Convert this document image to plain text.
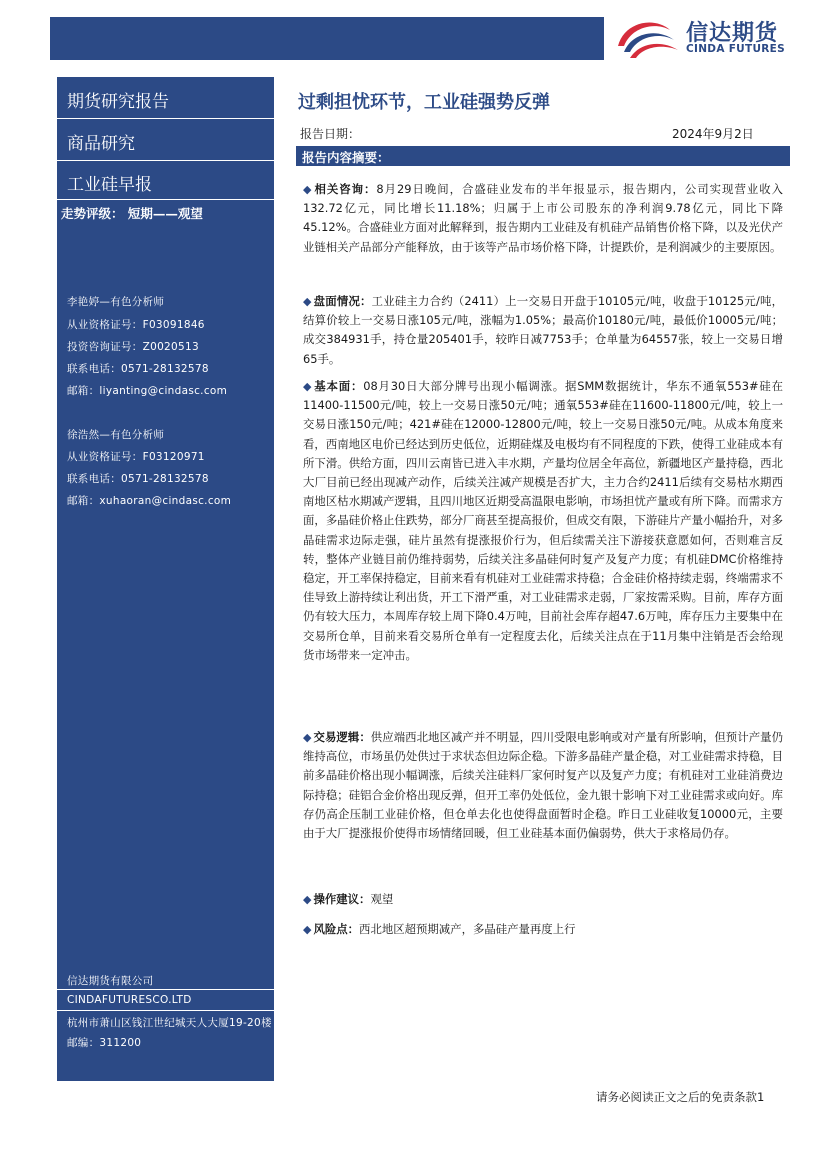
信达期货
CINDA FUTURES
期货研究报告
商品研究
工业硅早报
走势评级： 短期——观望
李艳婷—有色分析师
从业资格证号：F03091846
投资咨询证号：Z0020513
联系电话：0571-28132578
邮箱：liyanting@cindasc.com
徐浩然—有色分析师
从业资格证号：F03120971
联系电话：0571-28132578
邮箱：xuhaoran@cindasc.com
信达期货有限公司
CINDAFUTURESCO.LTD
杭州市萧山区钱江世纪城天人大厦19-20楼
邮编：311200
过剩担忧环节，工业硅强势反弹
报告日期：	2024年9月2日
报告内容摘要：
◆ 相关咨询：8月29日晚间，合盛硅业发布的半年报显示，报告期内，公司实现营业收入132.72亿元，同比增长11.18%；归属于上市公司股东的净利润9.78亿元，同比下降45.12%。合盛硅业方面对此解释到，报告期内工业硅及有机硅产品销售价格下降，以及光伏产业链相关产品部分产能释放，由于该等产品市场价格下降，计提跌价，是利润减少的主要原因。
◆ 盘面情况：工业硅主力合约（2411）上一交易日开盘于10105元/吨，收盘于10125元/吨，结算价较上一交易日涨105元/吨，涨幅为1.05%；最高价10180元/吨，最低价10005元/吨；成交384931手，持仓量205401手，较昨日减7753手；仓单量为64557张，较上一交易日增65手。
◆ 基本面：08月30日大部分牌号出现小幅调涨。据SMM数据统计，华东不通氧553#硅在11400-11500元/吨，较上一交易日涨50元/吨；通氧553#硅在11600-11800元/吨，较上一交易日涨150元/吨；421#硅在12000-12800元/吨，较上一交易日涨50元/吨。从成本角度来看，西南地区电价已经达到历史低位，近期硅煤及电极均有不同程度的下跌，使得工业硅成本有所下滑。供给方面，四川云南皆已进入丰水期，产量均位居全年高位，新疆地区产量持稳，西北大厂目前已经出现减产动作，后续关注减产规模是否扩大，主力合约2411后续有交易枯水期西南地区枯水期减产逻辑，且四川地区近期受高温限电影响，市场担忧产量或有所下降。而需求方面，多晶硅价格止住跌势，部分厂商甚至提高报价，但成交有限，下游硅片产量小幅抬升，对多晶硅需求边际走强，硅片虽然有提涨报价行为，但后续需关注下游接获意愿如何，否则难言反转，整体产业链目前仍维持弱势，后续关注多晶硅何时复产及复产力度；有机硅DMC价格维持稳定，开工率保持稳定，目前来看有机硅对工业硅需求持稳；合金硅价格持续走弱，终端需求不佳导致上游持续让利出货，开工下滑严重，对工业硅需求走弱，厂家按需采购。目前，库存方面仍有较大压力，本周库存较上周下降0.4万吨，目前社会库存超47.6万吨，库存压力主要集中在交易所仓单，目前来看交易所仓单有一定程度去化，后续关注点在于11月集中注销是否会给现货市场带来一定冲击。
◆ 交易逻辑：供应端西北地区减产并不明显，四川受限电影响或对产量有所影响，但预计产量仍维持高位，市场虽仍处供过于求状态但边际企稳。下游多晶硅产量企稳，对工业硅需求持稳，目前多晶硅价格出现小幅调涨，后续关注硅料厂家何时复产以及复产力度；有机硅对工业硅消费边际持稳；硅铝合金价格出现反弹，但开工率仍处低位，金九银十影响下对工业硅需求或向好。库存仍高企压制工业硅价格，但仓单去化也使得盘面暂时企稳。昨日工业硅收复10000元，主要由于大厂提涨报价使得市场情绪回暖，但工业硅基本面仍偏弱势，供大于求格局仍存。
◆ 操作建议：观望
◆ 风险点：西北地区超预期减产，多晶硅产量再度上行
请务必阅读正文之后的免责条款1
